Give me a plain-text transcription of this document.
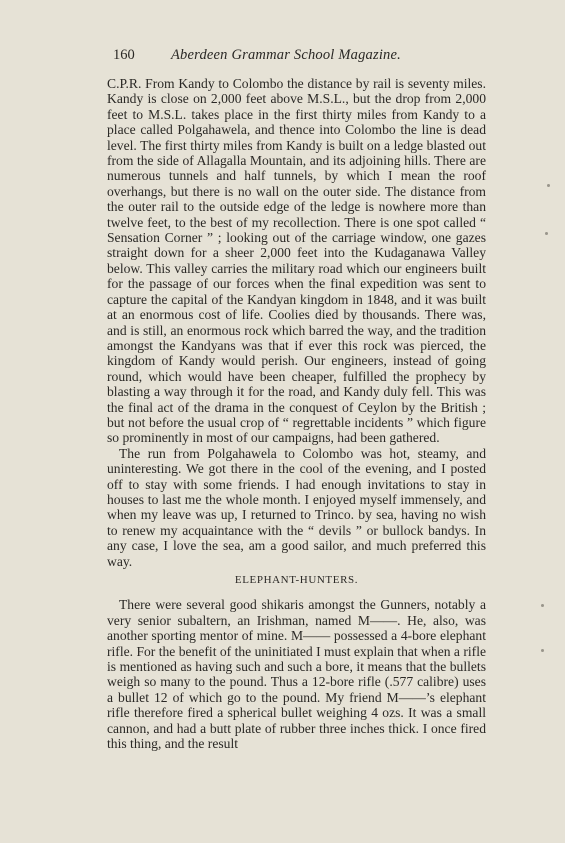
160	Aberdeen Grammar School Magazine.

C.P.R. From Kandy to Colombo the distance by rail is seventy miles. Kandy is close on 2,000 feet above M.S.L., but the drop from 2,000 feet to M.S.L. takes place in the first thirty miles from Kandy to a place called Polgahawela, and thence into Colombo the line is dead level. The first thirty miles from Kandy is built on a ledge blasted out from the side of Allagalla Mountain, and its adjoining hills. There are numerous tunnels and half tunnels, by which I mean the roof overhangs, but there is no wall on the outer side. The distance from the outer rail to the outside edge of the ledge is nowhere more than twelve feet, to the best of my recollection. There is one spot called “ Sensation Corner ” ; looking out of the carriage window, one gazes straight down for a sheer 2,000 feet into the Kudaganawa Valley below. This valley carries the military road which our engineers built for the passage of our forces when the final expedition was sent to capture the capital of the Kandyan kingdom in 1848, and it was built at an enormous cost of life. Coolies died by thousands. There was, and is still, an enormous rock which barred the way, and the tradition amongst the Kandyans was that if ever this rock was pierced, the kingdom of Kandy would perish. Our engineers, instead of going round, which would have been cheaper, fulfilled the prophecy by blasting a way through it for the road, and Kandy duly fell. This was the final act of the drama in the conquest of Ceylon by the British ; but not before the usual crop of “ regrettable incidents ” which figure so prominently in most of our campaigns, had been gathered.

The run from Polgahawela to Colombo was hot, steamy, and uninteresting. We got there in the cool of the evening, and I posted off to stay with some friends. I had enough invitations to stay in houses to last me the whole month. I enjoyed myself immensely, and when my leave was up, I returned to Trinco. by sea, having no wish to renew my acquaintance with the “ devils ” or bullock bandys. In any case, I love the sea, am a good sailor, and much preferred this way.

ELEPHANT-HUNTERS.

There were several good shikaris amongst the Gunners, notably a very senior subaltern, an Irishman, named M——. He, also, was another sporting mentor of mine. M—— possessed a 4-bore elephant rifle. For the benefit of the uninitiated I must explain that when a rifle is mentioned as having such and such a bore, it means that the bullets weigh so many to the pound. Thus a 12-bore rifle (.577 calibre) uses a bullet 12 of which go to the pound. My friend M——’s elephant rifle therefore fired a spherical bullet weighing 4 ozs. It was a small cannon, and had a butt plate of rubber three inches thick. I once fired this thing, and the result
